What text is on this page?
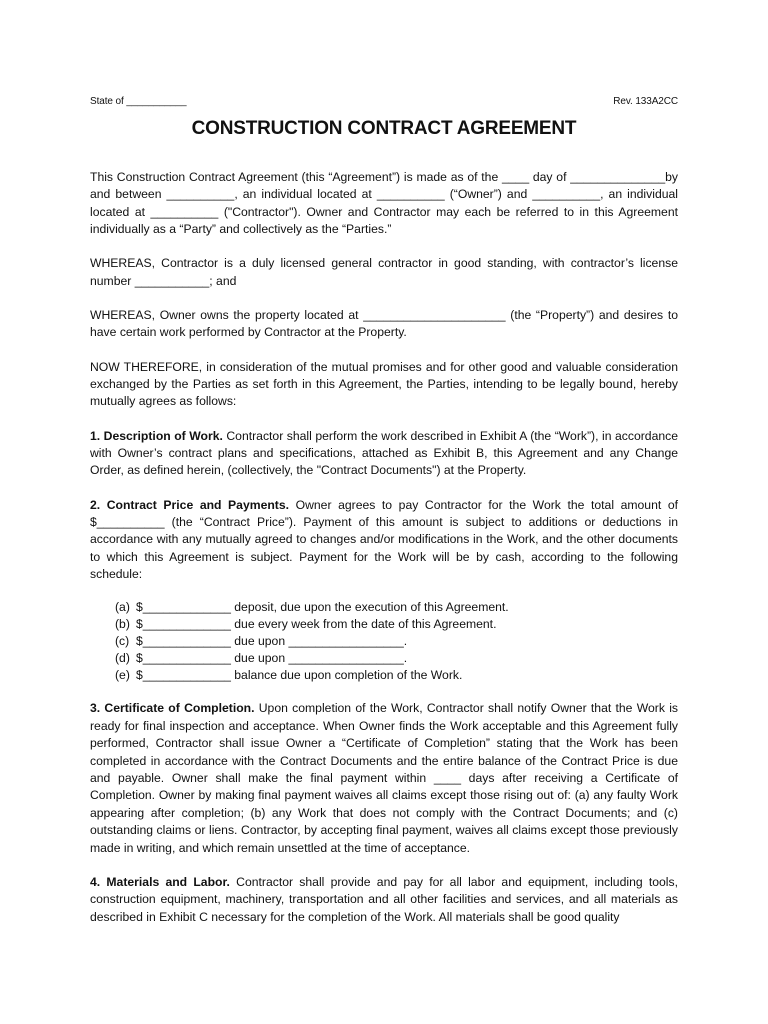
State of ___________	Rev. 133A2CC
CONSTRUCTION CONTRACT AGREEMENT

This Construction Contract Agreement (this “Agreement”) is made as of the ____ day of ______________by and between __________, an individual located at __________ (“Owner”) and __________, an individual located at __________ ("Contractor"). Owner and Contractor may each be referred to in this Agreement individually as a “Party” and collectively as the “Parties.”

WHEREAS, Contractor is a duly licensed general contractor in good standing, with contractor’s license number ___________; and

WHEREAS, Owner owns the property located at _____________________ (the “Property”) and desires to have certain work performed by Contractor at the Property.

NOW THEREFORE, in consideration of the mutual promises and for other good and valuable consideration exchanged by the Parties as set forth in this Agreement, the Parties, intending to be legally bound, hereby mutually agrees as follows:

1. Description of Work. Contractor shall perform the work described in Exhibit A (the “Work”), in accordance with Owner’s contract plans and specifications, attached as Exhibit B, this Agreement and any Change Order, as defined herein, (collectively, the "Contract Documents") at the Property.

2. Contract Price and Payments. Owner agrees to pay Contractor for the Work the total amount of $__________ (the “Contract Price”). Payment of this amount is subject to additions or deductions in accordance with any mutually agreed to changes and/or modifications in the Work, and the other documents to which this Agreement is subject. Payment for the Work will be by cash, according to the following schedule:

(a) $_____________ deposit, due upon the execution of this Agreement.
(b) $_____________ due every week from the date of this Agreement.
(c) $_____________ due upon _________________.
(d) $_____________ due upon _________________.
(e) $_____________ balance due upon completion of the Work.

3. Certificate of Completion. Upon completion of the Work, Contractor shall notify Owner that the Work is ready for final inspection and acceptance. When Owner finds the Work acceptable and this Agreement fully performed, Contractor shall issue Owner a “Certificate of Completion” stating that the Work has been completed in accordance with the Contract Documents and the entire balance of the Contract Price is due and payable. Owner shall make the final payment within ____ days after receiving a Certificate of Completion. Owner by making final payment waives all claims except those rising out of: (a) any faulty Work appearing after completion; (b) any Work that does not comply with the Contract Documents; and (c) outstanding claims or liens. Contractor, by accepting final payment, waives all claims except those previously made in writing, and which remain unsettled at the time of acceptance.

4. Materials and Labor. Contractor shall provide and pay for all labor and equipment, including tools, construction equipment, machinery, transportation and all other facilities and services, and all materials as described in Exhibit C necessary for the completion of the Work. All materials shall be good quality
